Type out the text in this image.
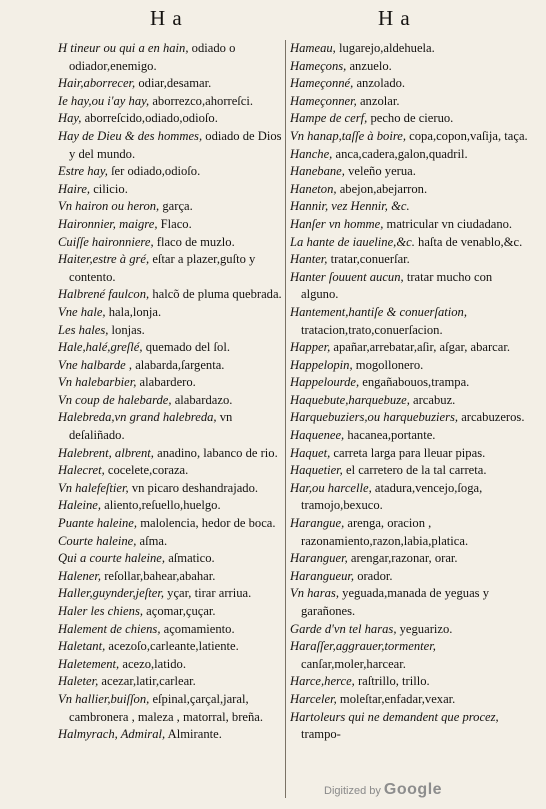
H a	H a

H tineur ou qui a en hain, odiado o odiador,enemigo.

Hair,aborrecer, odiar,desamar.

Ie hay,ou i'ay hay, aborrezco,ahorreſci.

Hay, aborreſcido,odiado,odioſo.

Hay de Dieu & des hommes, odiado de Dios y del mundo.

Estre hay, ſer odiado,odioſo.

Haire, cilicio.

Vn hairon ou heron, garça.

Haironnier, maigre, Flaco.

Cuiſſe haironniere, flaco de muzlo.

Haiter,estre à gré, eſtar a plazer,guſto y contento.

Halbrené faulcon, halcõ de pluma quebrada.

Vne hale, hala,lonja.

Les hales, lonjas.

Hale,halé,greſlé, quemado del ſol.

Vne halbarde , alabarda,ſargenta.

Vn halebarbier, alabardero.

Vn coup de halebarde, alabardazo.

Halebreda,vn grand halebreda, vn deſaliñado.

Halebrent, albrent, anadino, labanco de rio.

Halecret, cocelete,coraza.

Vn halefeſtier, vn picaro deshandrajado.

Haleine, aliento,reſuello,huelgo.

Puante haleine, malolencia, hedor de boca.

Courte haleine, aſma.

Qui a courte haleine, aſmatico.

Halener, reſollar,bahear,abahar.

Haller,guynder,jeſter, yçar, tirar arriua.

Haler les chiens, açomar,çuçar.

Halement de chiens, açomamiento.

Haletant, acezoſo,carleante,latiente.

Haletement, acezo,latido.

Haleter, acezar,latir,carlear.

Vn hallier,buiſſon, eſpinal,çarçal,jaral, cambronera , maleza , matorral, breña.

Halmyrach, Admiral, Almirante.

Hameau, lugarejo,aldehuela.

Hameçons, anzuelo.

Hameçonné, anzolado.

Hameçonner, anzolar.

Hampe de cerf, pecho de cieruo.

Vn hanap,taſſe à boire, copa,copon,vaſija, taça.

Hanche, anca,cadera,galon,quadril.

Hanebane, veleño yerua.

Haneton, abejon,abejarron.

Hannir, vez Hennir, &c.

Hanſer vn homme, matricular vn ciudadano.

La hante de iaueline,&c. haſta de venablo,&c.

Hanter, tratar,conuerſar.

Hanter ſouuent aucun, tratar mucho con alguno.

Hantement,hantiſe & conuerſation, tratacion,trato,conuerſacion.

Happer, apañar,arrebatar,aſir, aſgar, abarcar.

Happelopin, mogollonero.

Happelourde, engañabouos,trampa.

Haquebute,harquebuze, arcabuz.

Harquebuziers,ou harquebuziers, arcabuzeros.

Haquenee, hacanea,portante.

Haquet, carreta larga para lleuar pipas.

Haquetier, el carretero de la tal carreta.

Har,ou harcelle, atadura,vencejo,ſoga, tramojo,bexuco.

Harangue, arenga, oracion , razonamiento,razon,labia,platica.

Haranguer, arengar,razonar, orar.

Harangueur, orador.

Vn haras, yeguada,manada de yeguas y garañones.

Garde d'vn tel haras, yeguarizo.

Haraſſer,aggrauer,tormenter, canſar,moler,harcear.

Harce,herce, raſtrillo, trillo.

Harceler, moleſtar,enfadar,vexar.

Hartoleurs qui ne demandent que procez, trampo-

Digitized by Google
